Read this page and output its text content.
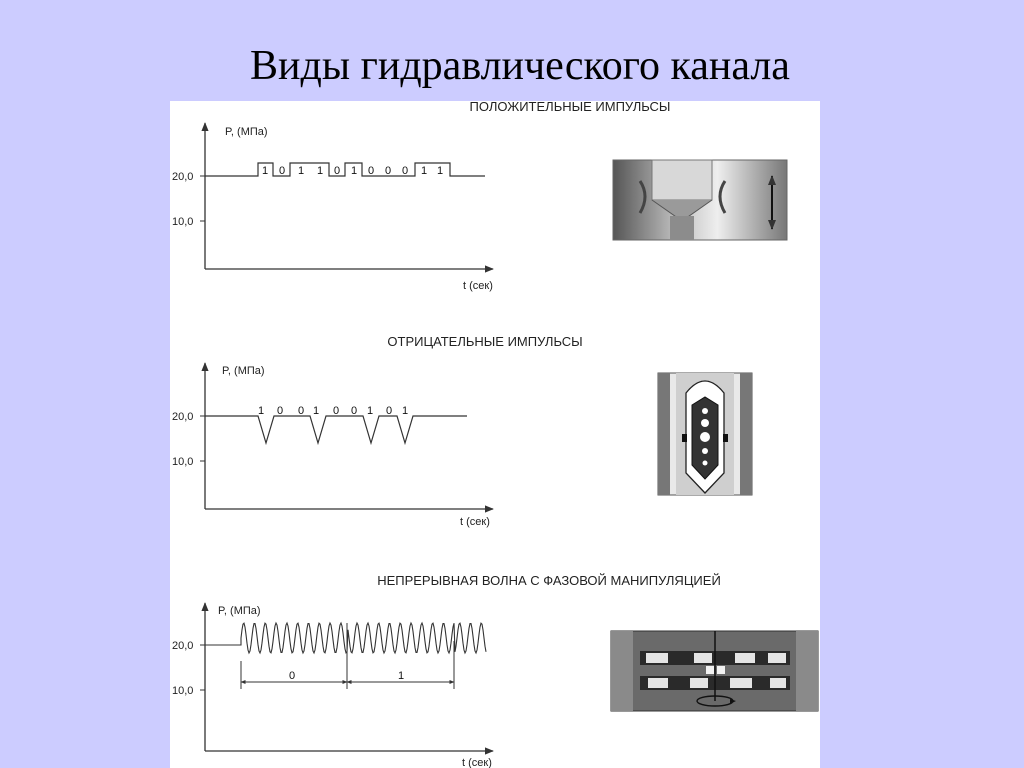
Виды гидравлического канала
ПОЛОЖИТЕЛЬНЫЕ ИМПУЛЬСЫ
P, (МПа)
t (сек)
20,0
10,0
1 0 1 1 0 1 0 0 0 1 1
ОТРИЦАТЕЛЬНЫЕ ИМПУЛЬСЫ
P, (МПа)
t (сек)
20,0
10,0
1 0 0 1 0 0 1 0 1
НЕПРЕРЫВНАЯ ВОЛНА С ФАЗОВОЙ МАНИПУЛЯЦИЕЙ
P, (МПа)
t (сек)
20,0
10,0
0	1
